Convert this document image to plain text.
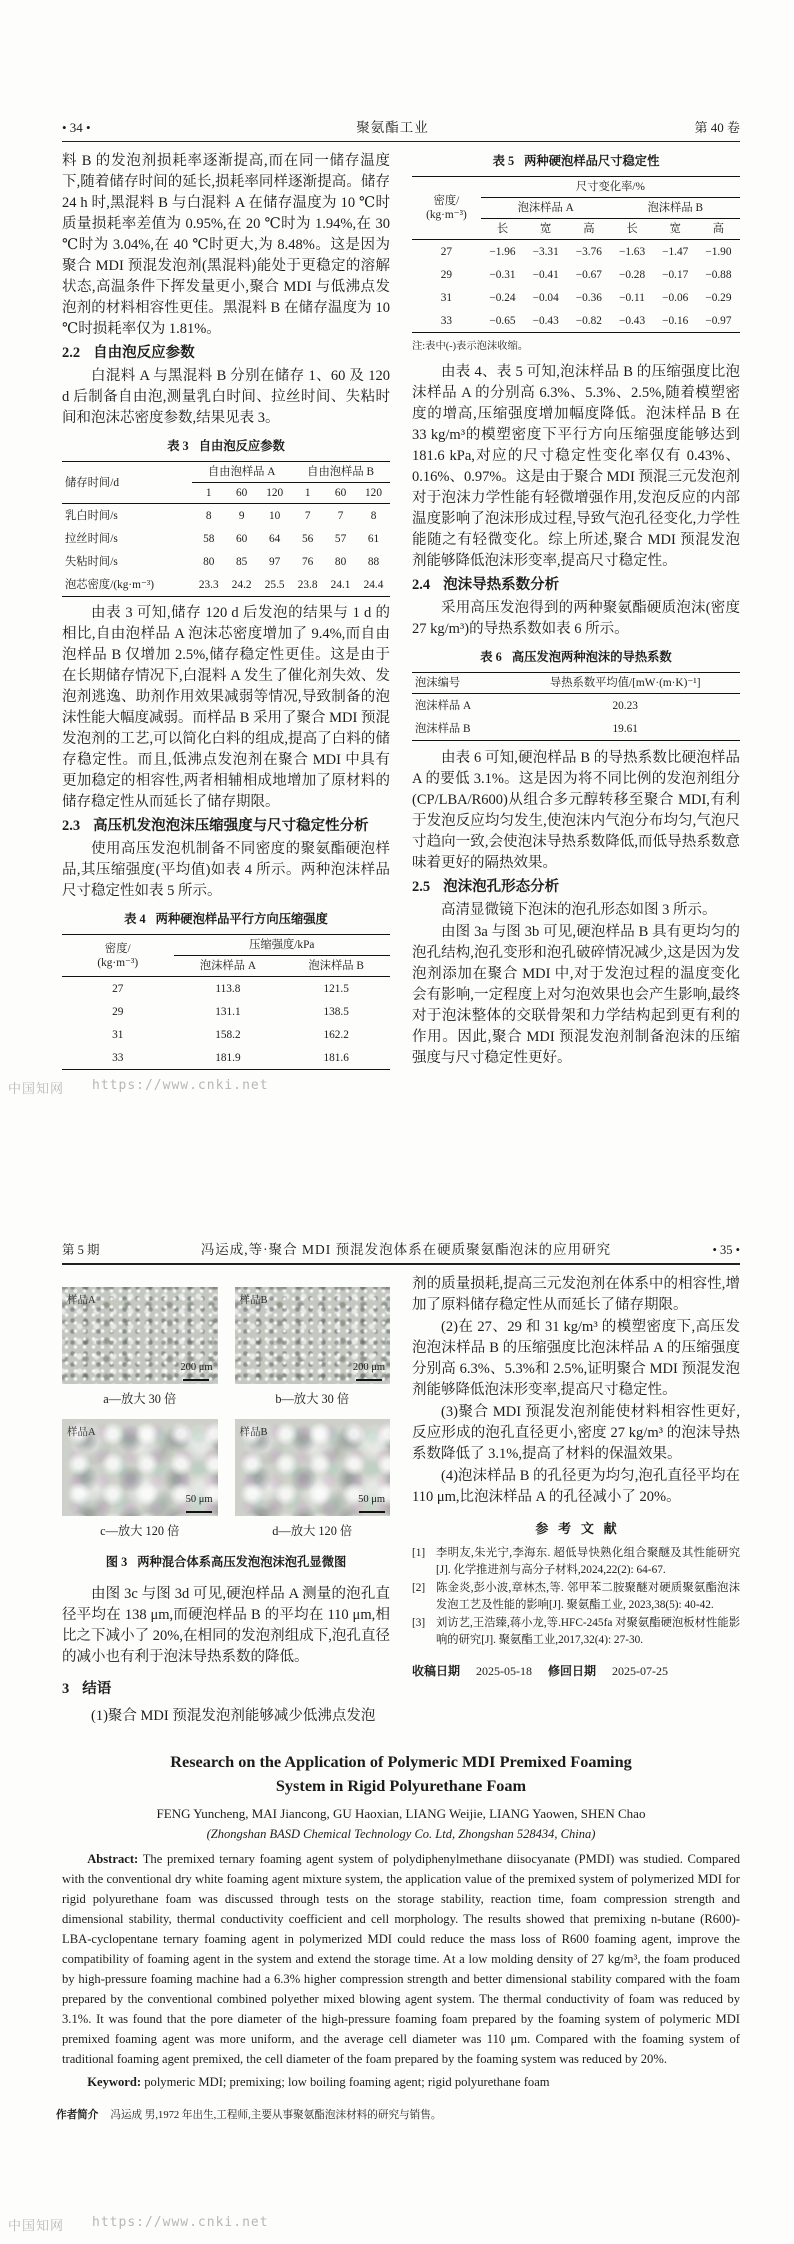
• 34 •	聚氨酯工业	第 40 卷

料 B 的发泡剂损耗率逐渐提高,而在同一储存温度下,随着储存时间的延长,损耗率同样逐渐提高。储存 24 h 时,黑混料 B 与白混料 A 在储存温度为 10 ℃时质量损耗率差值为 0.95%,在 20 ℃时为 1.94%,在 30 ℃时为 3.04%,在 40 ℃时更大,为 8.48%。这是因为聚合 MDI 预混发泡剂(黑混料)能处于更稳定的溶解状态,高温条件下挥发量更小,聚合 MDI 与低沸点发泡剂的材料相容性更佳。黑混料 B 在储存温度为 10 ℃时损耗率仅为 1.81%。

2.2 自由泡反应参数

白混料 A 与黑混料 B 分别在储存 1、60 及 120 d 后制备自由泡,测量乳白时间、拉丝时间、失粘时间和泡沫芯密度参数,结果见表 3。

表 3 自由泡反应参数
储存时间/d	自由泡样品 A			自由泡样品 B		
	1	60	120	1	60	120
乳白时间/s	8	9	10	7	7	8
拉丝时间/s	58	60	64	56	57	61
失粘时间/s	80	85	97	76	80	88
泡芯密度/(kg·m⁻³)	23.3	24.2	25.5	23.8	24.1	24.4

由表 3 可知,储存 120 d 后发泡的结果与 1 d 的相比,自由泡样品 A 泡沫芯密度增加了 9.4%,而自由泡样品 B 仅增加 2.5%,储存稳定性更佳。这是由于在长期储存情况下,白混料 A 发生了催化剂失效、发泡剂逃逸、助剂作用效果减弱等情况,导致制备的泡沫性能大幅度减弱。而样品 B 采用了聚合 MDI 预混发泡剂的工艺,可以简化白料的组成,提高了白料的储存稳定性。而且,低沸点发泡剂在聚合 MDI 中具有更加稳定的相容性,两者相辅相成地增加了原材料的储存稳定性从而延长了储存期限。

2.3 高压机发泡泡沫压缩强度与尺寸稳定性分析

使用高压发泡机制备不同密度的聚氨酯硬泡样品,其压缩强度(平均值)如表 4 所示。两种泡沫样品尺寸稳定性如表 5 所示。

表 4 两种硬泡样品平行方向压缩强度
密度/
(kg·m⁻³)	压缩强度/kPa	
	泡沫样品 A	泡沫样品 B
27	113.8	121.5
29	131.1	138.5
31	158.2	162.2
33	181.9	181.6
表 5 两种硬泡样品尺寸稳定性
密度/
(kg·m⁻³)	尺寸变化率/%					
	泡沫样品 A			泡沫样品 B		
	长	宽	高	长	宽	高
27	−1.96	−3.31	−3.76	−1.63	−1.47	−1.90
29	−0.31	−0.41	−0.67	−0.28	−0.17	−0.88
31	−0.24	−0.04	−0.36	−0.11	−0.06	−0.29
33	−0.65	−0.43	−0.82	−0.43	−0.16	−0.97
注:表中(-)表示泡沫收缩。

由表 4、表 5 可知,泡沫样品 B 的压缩强度比泡沫样品 A 的分别高 6.3%、5.3%、2.5%,随着模塑密度的增高,压缩强度增加幅度降低。泡沫样品 B 在 33 kg/m³的模塑密度下平行方向压缩强度能够达到 181.6 kPa,对应的尺寸稳定性变化率仅有 0.43%、0.16%、0.97%。这是由于聚合 MDI 预混三元发泡剂对于泡沫力学性能有轻微增强作用,发泡反应的内部温度影响了泡沫形成过程,导致气泡孔径变化,力学性能随之有轻微变化。综上所述,聚合 MDI 预混发泡剂能够降低泡沫形变率,提高尺寸稳定性。

2.4 泡沫导热系数分析

采用高压发泡得到的两种聚氨酯硬质泡沫(密度 27 kg/m³)的导热系数如表 6 所示。

表 6 高压发泡两种泡沫的导热系数
泡沫编号	导热系数平均值/[mW·(m·K)⁻¹]
泡沫样品 A	20.23
泡沫样品 B	19.61

由表 6 可知,硬泡样品 B 的导热系数比硬泡样品 A 的要低 3.1%。这是因为将不同比例的发泡剂组分(CP/LBA/R600)从组合多元醇转移至聚合 MDI,有利于发泡反应均匀发生,使泡沫内气泡分布均匀,气泡尺寸趋向一致,会使泡沫导热系数降低,而低导热系数意味着更好的隔热效果。

2.5 泡沫泡孔形态分析

高清显微镜下泡沫的泡孔形态如图 3 所示。

由图 3a 与图 3b 可见,硬泡样品 B 具有更均匀的泡孔结构,泡孔变形和泡孔破碎情况减少,这是因为发泡剂添加在聚合 MDI 中,对于发泡过程的温度变化会有影响,一定程度上对匀泡效果也会产生影响,最终对于泡沫整体的交联骨架和力学结构起到更有利的作用。因此,聚合 MDI 预混发泡剂制备泡沫的压缩强度与尺寸稳定性更好。

中国知网 https://www.cnki.net
第 5 期	冯运成,等·聚合 MDI 预混发泡体系在硬质聚氨酯泡沫的应用研究	• 35 •
样品A
200 μm
a—放大 30 倍
样品B
200 μm
b—放大 30 倍
样品A
50 μm
c—放大 120 倍
样品B
50 μm
d—放大 120 倍
图 3 两种混合体系高压发泡泡沫泡孔显微图

由图 3c 与图 3d 可见,硬泡样品 A 测量的泡孔直径平均在 138 μm,而硬泡样品 B 的平均在 110 μm,相比之下减小了 20%,在相同的发泡剂组成下,泡孔直径的减小也有利于泡沫导热系数的降低。

3 结语

(1)聚合 MDI 预混发泡剂能够减少低沸点发泡

剂的质量损耗,提高三元发泡剂在体系中的相容性,增加了原料储存稳定性从而延长了储存期限。

(2)在 27、29 和 31 kg/m³ 的模塑密度下,高压发泡泡沫样品 B 的压缩强度比泡沫样品 A 的压缩强度分别高 6.3%、5.3%和 2.5%,证明聚合 MDI 预混发泡剂能够降低泡沫形变率,提高尺寸稳定性。

(3)聚合 MDI 预混发泡剂能使材料相容性更好,反应形成的泡孔直径更小,密度 27 kg/m³ 的泡沫导热系数降低了 3.1%,提高了材料的保温效果。

(4)泡沫样品 B 的孔径更为均匀,泡孔直径平均在 110 μm,比泡沫样品 A 的孔径减小了 20%。

参考文献
[1] 李明友,朱光宁,李海东. 超低导快熟化组合聚醚及其性能研究[J]. 化学推进剂与高分子材料,2024,22(2): 64-67.
[2] 陈金炎,彭小波,章林杰,等. 邻甲苯二胺聚醚对硬质聚氨酯泡沫发泡工艺及性能的影响[J]. 聚氨酯工业, 2023,38(5): 40-42.
[3] 刘访艺,王浩臻,蒋小龙,等.HFC-245fa 对聚氨酯硬泡板材性能影响的研究[J]. 聚氨酯工业,2017,32(4): 27-30.
收稿日期 2025-05-18 修回日期 2025-07-25
Research on the Application of Polymeric MDI Premixed Foaming
System in Rigid Polyurethane Foam
FENG Yuncheng, MAI Jiancong, GU Haoxian, LIANG Weijie, LIANG Yaowen, SHEN Chao
(Zhongshan BASD Chemical Technology Co. Ltd, Zhongshan 528434, China)
Abstract: The premixed ternary foaming agent system of polydiphenylmethane diisocyanate (PMDI) was studied. Compared with the conventional dry white foaming agent mixture system, the application value of the premixed system of polymerized MDI for rigid polyurethane foam was discussed through tests on the storage stability, reaction time, foam compression strength and dimensional stability, thermal conductivity coefficient and cell morphology. The results showed that premixing n-butane (R600)-LBA-cyclopentane ternary foaming agent in polymerized MDI could reduce the mass loss of R600 foaming agent, improve the compatibility of foaming agent in the system and extend the storage time. At a low molding density of 27 kg/m³, the foam produced by high-pressure foaming machine had a 6.3% higher compression strength and better dimensional stability compared with the foam prepared by the conventional combined polyether mixed blowing agent system. The thermal conductivity of foam was reduced by 3.1%. It was found that the pore diameter of the high-pressure foaming foam prepared by the foaming system of polymeric MDI premixed foaming agent was more uniform, and the average cell diameter was 110 μm. Compared with the foaming system of traditional foaming agent premixed, the cell diameter of the foam prepared by the foaming system was reduced by 20%.
Keyword: polymeric MDI; premixing; low boiling foaming agent; rigid polyurethane foam
作者简介 冯运成 男,1972 年出生,工程师,主要从事聚氨酯泡沫材料的研究与销售。
中国知网 https://www.cnki.net
